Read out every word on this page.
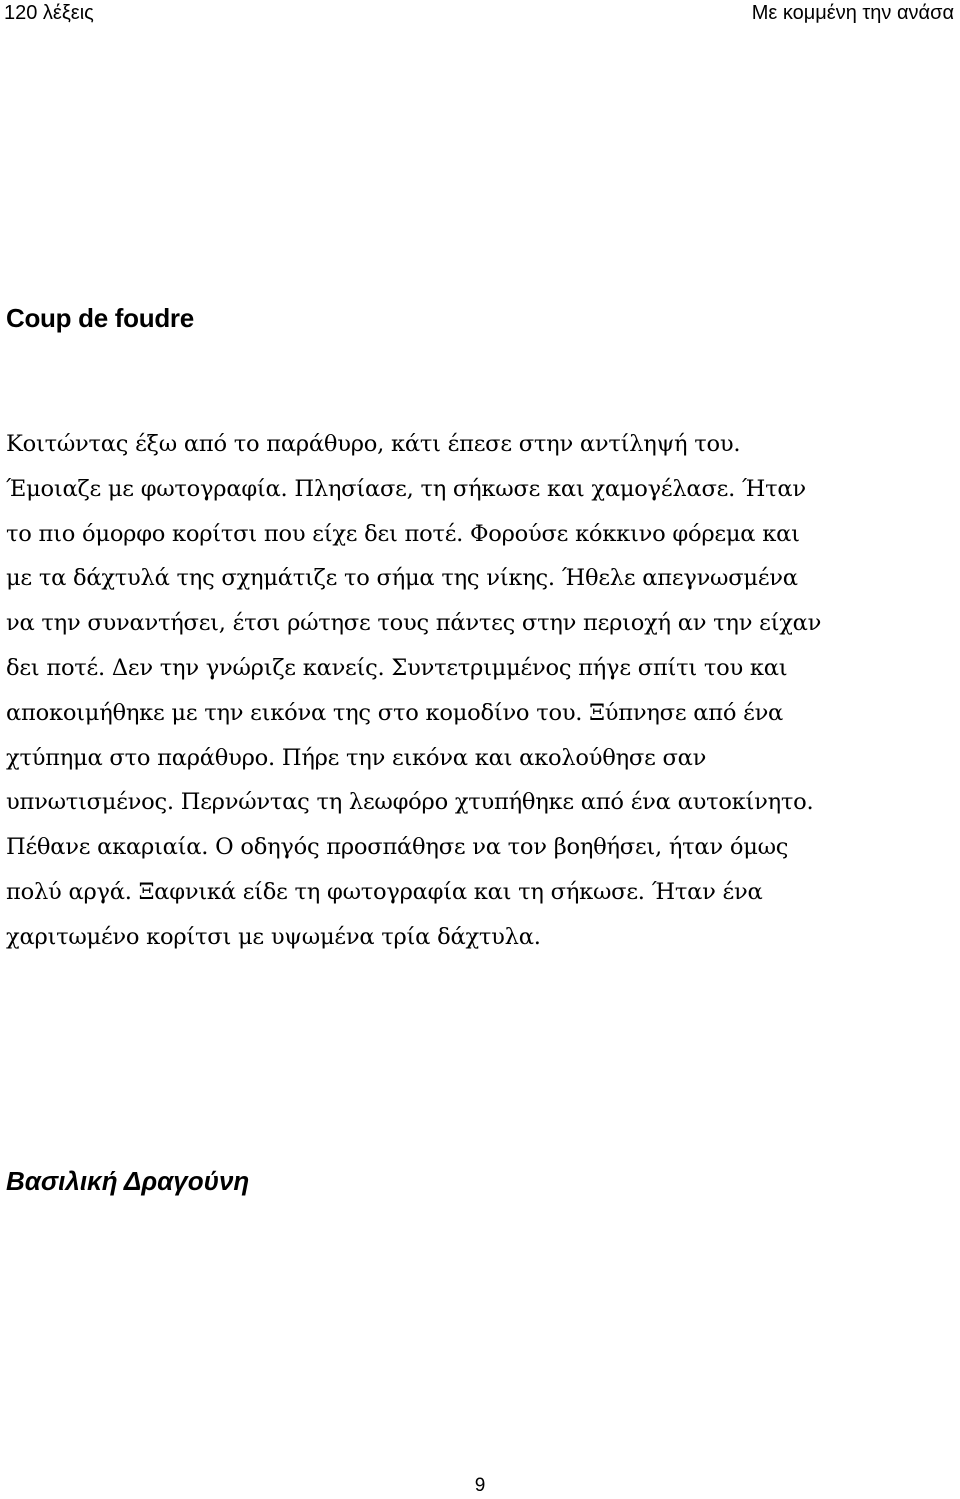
120 λέξεις	Με κομμένη την ανάσα
Coup de foudre
Κοιτώντας έξω από το παράθυρο, κάτι έπεσε στην αντίληψή του.
Έμοιαζε με φωτογραφία. Πλησίασε, τη σήκωσε και χαμογέλασε. Ήταν
το πιο όμορφο κορίτσι που είχε δει ποτέ. Φορούσε κόκκινο φόρεμα και
με τα δάχτυλά της σχημάτιζε το σήμα της νίκης. Ήθελε απεγνωσμένα
να την συναντήσει, έτσι ρώτησε τους πάντες στην περιοχή αν την είχαν
δει ποτέ. Δεν την γνώριζε κανείς. Συντετριμμένος πήγε σπίτι του και
αποκοιμήθηκε με την εικόνα της στο κομοδίνο του. Ξύπνησε από ένα
χτύπημα στο παράθυρο. Πήρε την εικόνα και ακολούθησε σαν
υπνωτισμένος. Περνώντας τη λεωφόρο χτυπήθηκε από ένα αυτοκίνητο.
Πέθανε ακαριαία. Ο οδηγός προσπάθησε να τον βοηθήσει, ήταν όμως
πολύ αργά. Ξαφνικά είδε τη φωτογραφία και τη σήκωσε. Ήταν ένα
χαριτωμένο κορίτσι με υψωμένα τρία δάχτυλα.
Βασιλική Δραγούνη
9
